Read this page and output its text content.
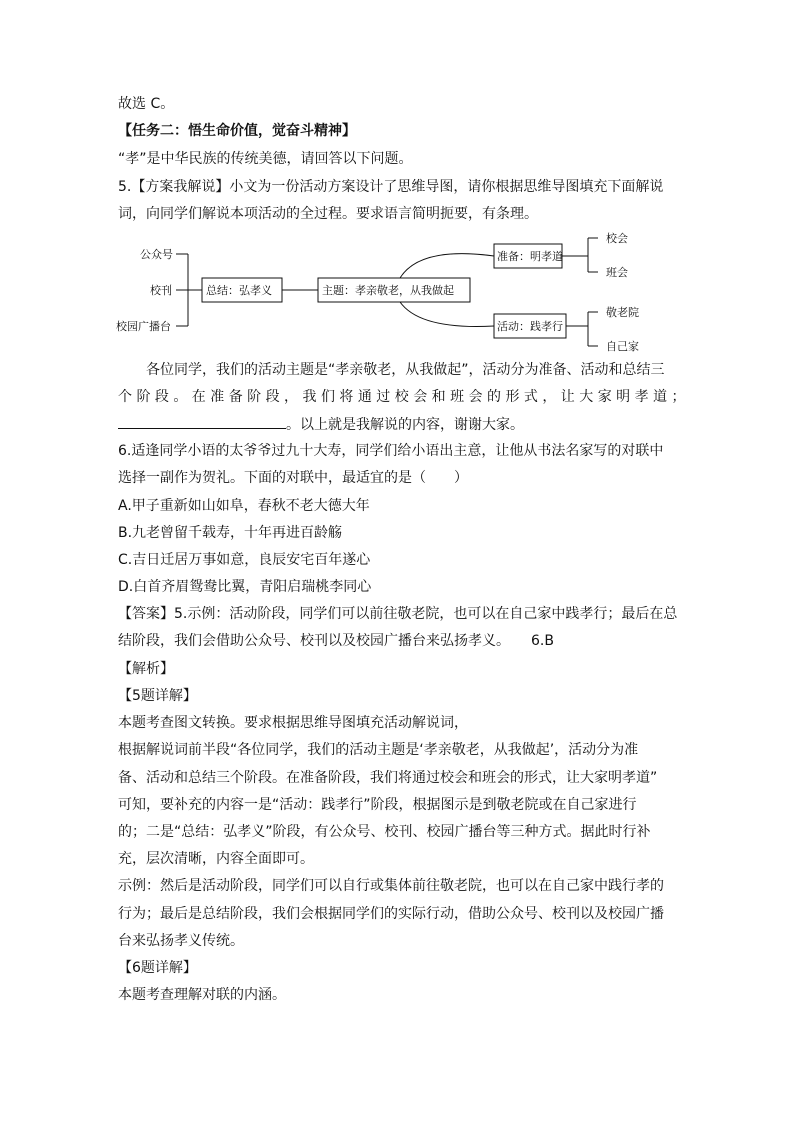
故选 C。
【任务二：悟生命价值，觉奋斗精神】
“孝”是中华民族的传统美德，请回答以下问题。
5.【方案我解说】小文为一份活动方案设计了思维导图，请你根据思维导图填充下面解说
词，向同学们解说本项活动的全过程。要求语言简明扼要，有条理。
公众号
校刊
校园广播台
总结：弘孝义	主题：孝亲敬老，从我做起
准备：明孝道
活动：践孝行
校会
班会
敬老院
自己家
各位同学，我们的活动主题是“孝亲敬老，从我做起”，活动分为准备、活动和总结三
个 阶 段 。 在 准 备 阶 段 ， 我 们 将 通 过 校 会 和 班 会 的 形 式 ， 让 大 家 明 孝 道 ；
。以上就是我解说的内容，谢谢大家。
6.适逢同学小语的太爷爷过九十大寿，同学们给小语出主意，让他从书法名家写的对联中
选择一副作为贺礼。下面的对联中，最适宜的是（　　）
A.甲子重新如山如阜，春秋不老大德大年
B.九老曾留千载寿，十年再进百龄觞
C.吉日迁居万事如意，良辰安宅百年遂心
D.白首齐眉鸳鸯比翼，青阳启瑞桃李同心
【答案】5.示例：活动阶段，同学们可以前往敬老院，也可以在自己家中践孝行；最后在总
结阶段，我们会借助公众号、校刊以及校园广播台来弘扬孝义。　　6.B
【解析】
【5题详解】
本题考查图文转换。要求根据思维导图填充活动解说词，
根据解说词前半段“各位同学，我们的活动主题是‘孝亲敬老，从我做起’，活动分为准
备、活动和总结三个阶段。在准备阶段，我们将通过校会和班会的形式，让大家明孝道”
可知，要补充的内容一是“活动：践孝行”阶段，根据图示是到敬老院或在自己家进行
的；二是“总结：弘孝义”阶段，有公众号、校刊、校园广播台等三种方式。据此时行补
充，层次清晰，内容全面即可。
示例：然后是活动阶段，同学们可以自行或集体前往敬老院，也可以在自己家中践行孝的
行为；最后是总结阶段，我们会根据同学们的实际行动，借助公众号、校刊以及校园广播
台来弘扬孝义传统。
【6题详解】
本题考查理解对联的内涵。
